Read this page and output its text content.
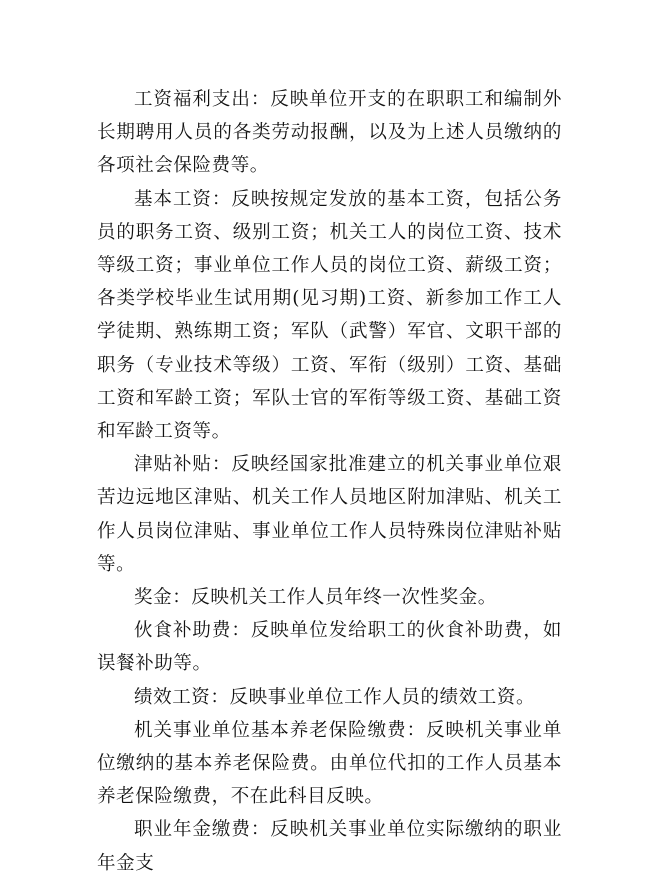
工资福利支出：反映单位开支的在职职工和编制外长期聘用人员的各类劳动报酬，以及为上述人员缴纳的各项社会保险费等。

基本工资：反映按规定发放的基本工资，包括公务员的职务工资、级别工资；机关工人的岗位工资、技术等级工资；事业单位工作人员的岗位工资、薪级工资；各类学校毕业生试用期(见习期)工资、新参加工作工人学徒期、熟练期工资；军队（武警）军官、文职干部的职务（专业技术等级）工资、军衔（级别）工资、基础工资和军龄工资；军队士官的军衔等级工资、基础工资和军龄工资等。

津贴补贴：反映经国家批准建立的机关事业单位艰苦边远地区津贴、机关工作人员地区附加津贴、机关工作人员岗位津贴、事业单位工作人员特殊岗位津贴补贴等。

奖金：反映机关工作人员年终一次性奖金。

伙食补助费：反映单位发给职工的伙食补助费，如误餐补助等。

绩效工资：反映事业单位工作人员的绩效工资。

机关事业单位基本养老保险缴费：反映机关事业单位缴纳的基本养老保险费。由单位代扣的工作人员基本养老保险缴费，不在此科目反映。

职业年金缴费：反映机关事业单位实际缴纳的职业年金支
